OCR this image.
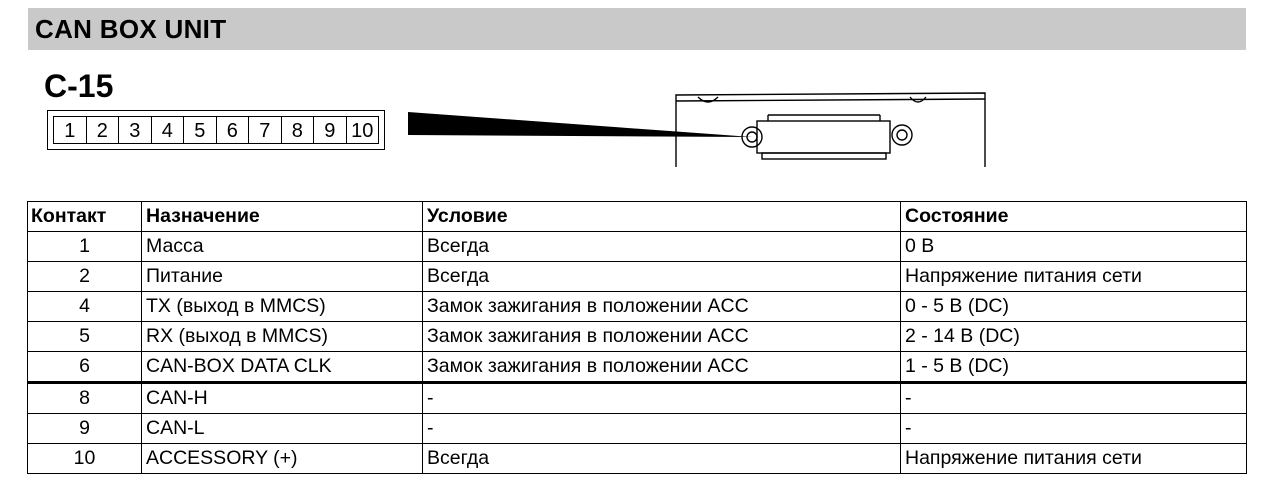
CAN BOX UNIT
C-15
1	2	3	4	5	6	7	8	9 10
Контакт	Назначение	Условие	Состояние
1	Масса	Всегда	0 В
2	Питание	Всегда	Напряжение питания сети
4	TX (выход в MMCS)	Замок зажигания в положении ACC	0 - 5 В (DC)
5	RX (выход в MMCS)	Замок зажигания в положении ACC	2 - 14 В (DC)
6	CAN-BOX DATA CLK	Замок зажигания в положении ACC	1 - 5 В (DC)
8	CAN-H	-	-
9	CAN-L	-	-
10	ACCESSORY (+)	Всегда	Напряжение питания сети
